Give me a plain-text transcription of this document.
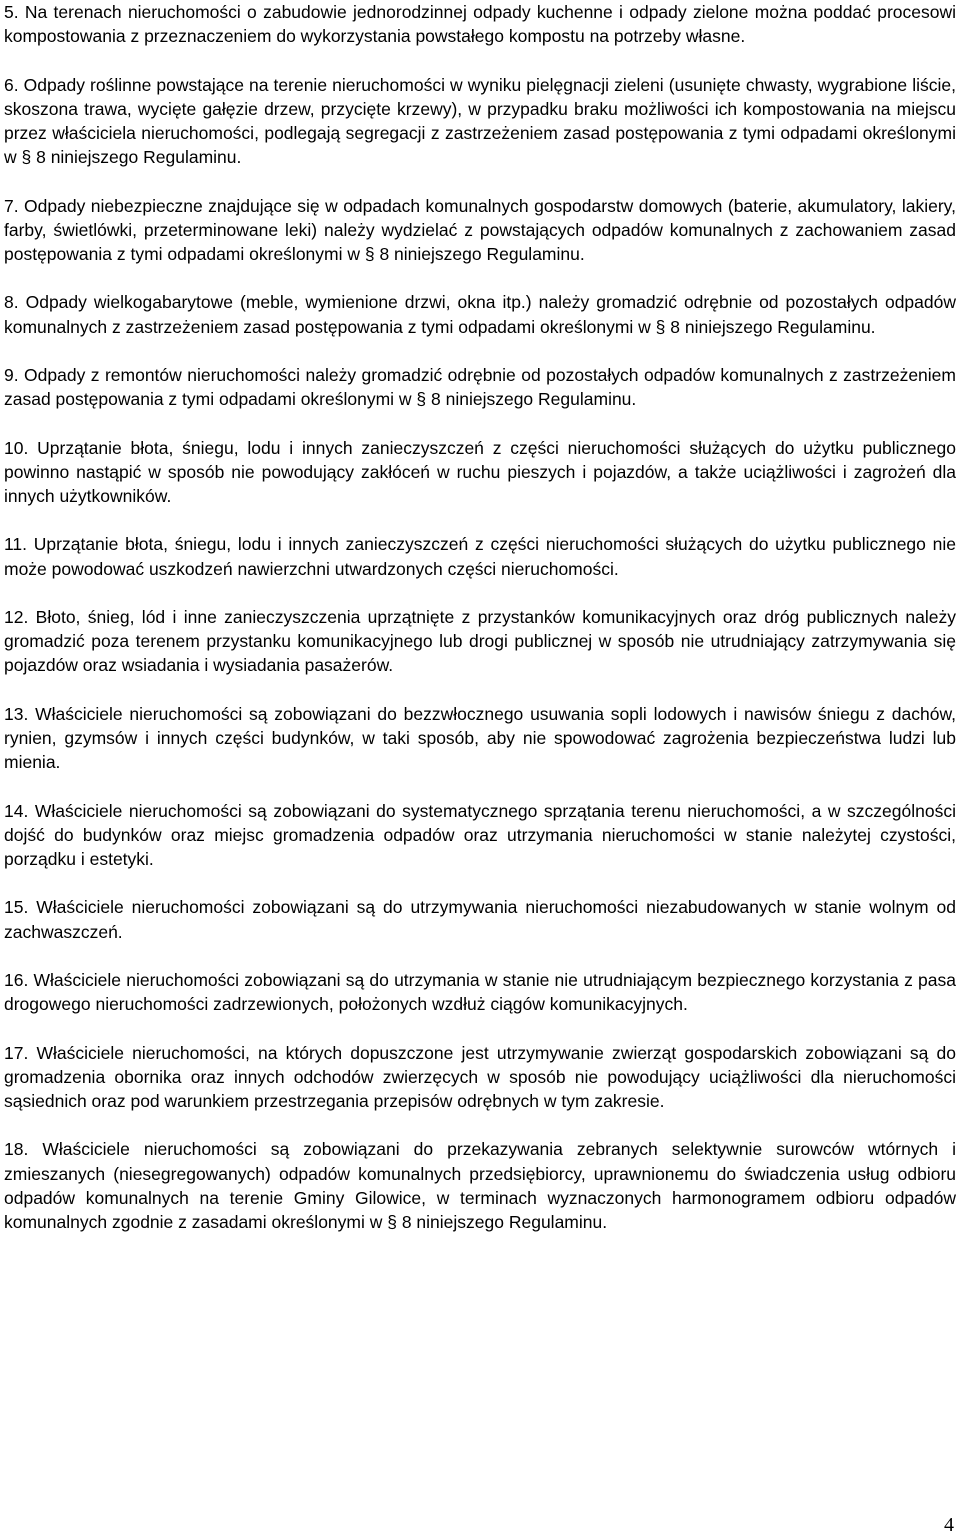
5. Na terenach nieruchomości o zabudowie jednorodzinnej odpady kuchenne i odpady zielone można poddać procesowi kompostowania z przeznaczeniem do wykorzystania powstałego kompostu na potrzeby własne.

6. Odpady roślinne powstające na terenie nieruchomości w wyniku pielęgnacji zieleni (usunięte chwasty, wygrabione liście, skoszona trawa, wycięte gałęzie drzew, przycięte krzewy), w przypadku braku możliwości ich kompostowania na miejscu przez właściciela nieruchomości, podlegają segregacji z zastrzeżeniem zasad postępowania z tymi odpadami określonymi w § 8 niniejszego Regulaminu.

7. Odpady niebezpieczne znajdujące się w odpadach komunalnych gospodarstw domowych (baterie, akumulatory, lakiery, farby, świetlówki, przeterminowane leki) należy wydzielać z powstających odpadów komunalnych z zachowaniem zasad postępowania z tymi odpadami określonymi w § 8 niniejszego Regulaminu.

8. Odpady wielkogabarytowe (meble, wymienione drzwi, okna itp.) należy gromadzić odrębnie od pozostałych odpadów komunalnych z zastrzeżeniem zasad postępowania z tymi odpadami określonymi w § 8 niniejszego Regulaminu.

9. Odpady z remontów nieruchomości należy gromadzić odrębnie od pozostałych odpadów komunalnych z zastrzeżeniem zasad postępowania z tymi odpadami określonymi w § 8 niniejszego Regulaminu.

10. Uprzątanie błota, śniegu, lodu i innych zanieczyszczeń z części nieruchomości służących do użytku publicznego powinno nastąpić w sposób nie powodujący zakłóceń w ruchu pieszych i pojazdów, a także uciążliwości i zagrożeń dla innych użytkowników.

11. Uprzątanie błota, śniegu, lodu i innych zanieczyszczeń z części nieruchomości służących do użytku publicznego nie może powodować uszkodzeń nawierzchni utwardzonych części nieruchomości.

12. Błoto, śnieg, lód i inne zanieczyszczenia uprzątnięte z przystanków komunikacyjnych oraz dróg publicznych należy gromadzić poza terenem przystanku komunikacyjnego lub drogi publicznej w sposób nie utrudniający zatrzymywania się pojazdów oraz wsiadania i wysiadania pasażerów.

13. Właściciele nieruchomości są zobowiązani do bezzwłocznego usuwania sopli lodowych i nawisów śniegu z dachów, rynien, gzymsów i innych części budynków, w taki sposób, aby nie spowodować zagrożenia bezpieczeństwa ludzi lub mienia.

14. Właściciele nieruchomości są zobowiązani do systematycznego sprzątania terenu nieruchomości, a w szczególności dojść do budynków oraz miejsc gromadzenia odpadów oraz utrzymania nieruchomości w stanie należytej czystości, porządku i estetyki.

15. Właściciele nieruchomości zobowiązani są do utrzymywania nieruchomości niezabudowanych w stanie wolnym od zachwaszczeń.

16. Właściciele nieruchomości zobowiązani są do utrzymania w stanie nie utrudniającym bezpiecznego korzystania z pasa drogowego nieruchomości zadrzewionych, położonych wzdłuż ciągów komunikacyjnych.

17. Właściciele nieruchomości, na których dopuszczone jest utrzymywanie zwierząt gospodarskich zobowiązani są do gromadzenia obornika oraz innych odchodów zwierzęcych w sposób nie powodujący uciążliwości dla nieruchomości sąsiednich oraz pod warunkiem przestrzegania przepisów odrębnych w tym zakresie.

18. Właściciele nieruchomości są zobowiązani do przekazywania zebranych selektywnie surowców wtórnych i zmieszanych (niesegregowanych) odpadów komunalnych przedsiębiorcy, uprawnionemu do świadczenia usług odbioru odpadów komunalnych na terenie Gminy Gilowice, w terminach wyznaczonych harmonogramem odbioru odpadów komunalnych zgodnie z zasadami określonymi w § 8 niniejszego Regulaminu.

4
